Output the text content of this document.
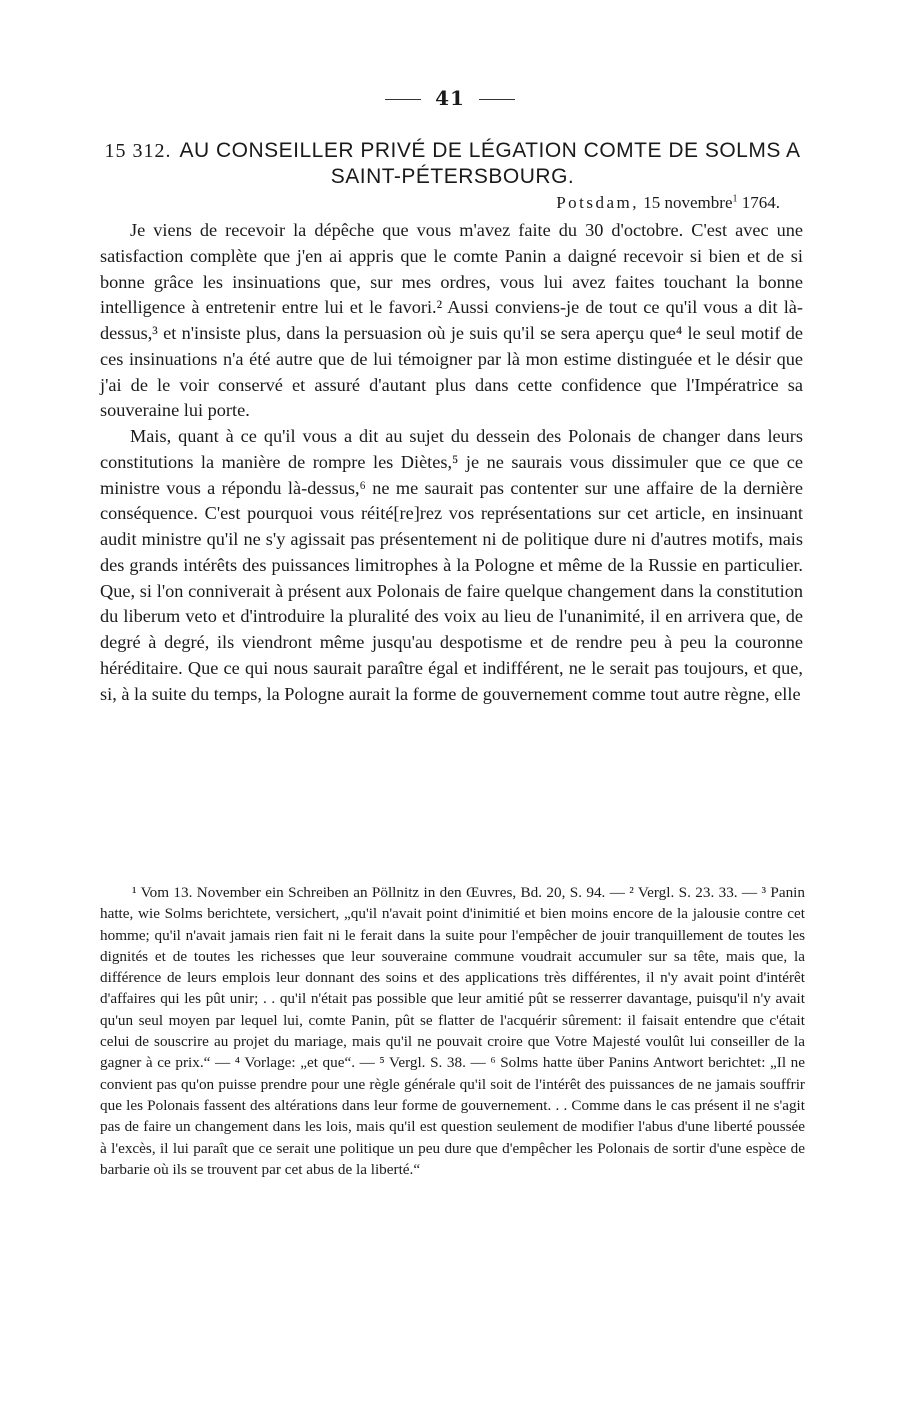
41
15 312. AU CONSEILLER PRIVÉ DE LÉGATION COMTE DE SOLMS A SAINT-PÉTERSBOURG.
Potsdam, 15 novembre$^1$ 1764.

Je viens de recevoir la dépêche que vous m'avez faite du 30 d'octobre. C'est avec une satisfaction complète que j'en ai appris que le comte Panin a daigné recevoir si bien et de si bonne grâce les insinuations que, sur mes ordres, vous lui avez faites touchant la bonne intelligence à entretenir entre lui et le favori.² Aussi conviens-je de tout ce qu'il vous a dit là-dessus,³ et n'insiste plus, dans la persuasion où je suis qu'il se sera aperçu que⁴ le seul motif de ces insinuations n'a été autre que de lui témoigner par là mon estime distinguée et le désir que j'ai de le voir conservé et assuré d'autant plus dans cette confidence que l'Impératrice sa souveraine lui porte.

Mais, quant à ce qu'il vous a dit au sujet du dessein des Polonais de changer dans leurs constitutions la manière de rompre les Diètes,⁵ je ne saurais vous dissimuler que ce que ce ministre vous a répondu là-dessus,⁶ ne me saurait pas contenter sur une affaire de la dernière conséquence. C'est pourquoi vous réité[re]rez vos représentations sur cet article, en insinuant audit ministre qu'il ne s'y agissait pas présentement ni de politique dure ni d'autres motifs, mais des grands intérêts des puissances limitrophes à la Pologne et même de la Russie en particulier. Que, si l'on conniverait à présent aux Polonais de faire quelque changement dans la constitution du liberum veto et d'introduire la pluralité des voix au lieu de l'unanimité, il en arrivera que, de degré à degré, ils viendront même jusqu'au despotisme et de rendre peu à peu la couronne héréditaire. Que ce qui nous saurait paraître égal et indifférent, ne le serait pas toujours, et que, si, à la suite du temps, la Pologne aurait la forme de gouvernement comme tout autre règne, elle

¹ Vom 13. November ein Schreiben an Pöllnitz in den Œuvres, Bd. 20, S. 94. — ² Vergl. S. 23. 33. — ³ Panin hatte, wie Solms berichtete, versichert, „qu'il n'avait point d'inimitié et bien moins encore de la jalousie contre cet homme; qu'il n'avait jamais rien fait ni le ferait dans la suite pour l'empêcher de jouir tranquillement de toutes les dignités et de toutes les richesses que leur souveraine commune voudrait accumuler sur sa tête, mais que, la différence de leurs emplois leur donnant des soins et des applications très différentes, il n'y avait point d'intérêt d'affaires qui les pût unir; . . qu'il n'était pas possible que leur amitié pût se resserrer davantage, puisqu'il n'y avait qu'un seul moyen par lequel lui, comte Panin, pût se flatter de l'acquérir sûrement: il faisait entendre que c'était celui de souscrire au projet du mariage, mais qu'il ne pouvait croire que Votre Majesté voulût lui conseiller de la gagner à ce prix.“ — ⁴ Vorlage: „et que“. — ⁵ Vergl. S. 38. — ⁶ Solms hatte über Panins Antwort berichtet: „Il ne convient pas qu'on puisse prendre pour une règle générale qu'il soit de l'intérêt des puissances de ne jamais souffrir que les Polonais fassent des altérations dans leur forme de gouvernement. . . Comme dans le cas présent il ne s'agit pas de faire un changement dans les lois, mais qu'il est question seulement de modifier l'abus d'une liberté poussée à l'excès, il lui paraît que ce serait une politique un peu dure que d'empêcher les Polonais de sortir d'une espèce de barbarie où ils se trouvent par cet abus de la liberté.“
